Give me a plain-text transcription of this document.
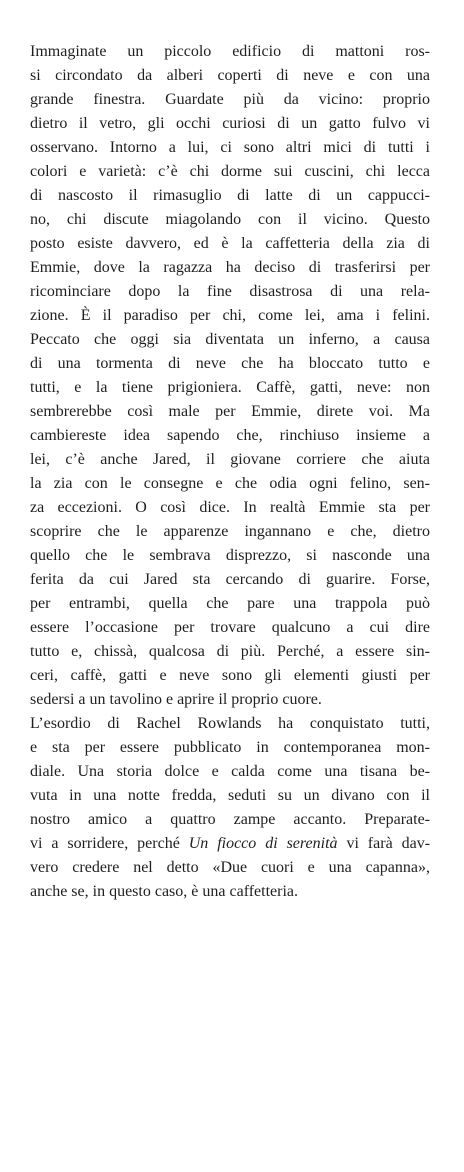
Immaginate un piccolo edificio di mattoni ros-
si circondato da alberi coperti di neve e con una
grande finestra. Guardate più da vicino: proprio
dietro il vetro, gli occhi curiosi di un gatto fulvo vi
osservano. Intorno a lui, ci sono altri mici di tutti i
colori e varietà: c’è chi dorme sui cuscini, chi lecca
di nascosto il rimasuglio di latte di un cappucci-
no, chi discute miagolando con il vicino. Questo
posto esiste davvero, ed è la caffetteria della zia di
Emmie, dove la ragazza ha deciso di trasferirsi per
ricominciare dopo la fine disastrosa di una rela-
zione. È il paradiso per chi, come lei, ama i felini.
Peccato che oggi sia diventata un inferno, a causa
di una tormenta di neve che ha bloccato tutto e
tutti, e la tiene prigioniera. Caffè, gatti, neve: non
sembrerebbe così male per Emmie, direte voi. Ma
cambiereste idea sapendo che, rinchiuso insieme a
lei, c’è anche Jared, il giovane corriere che aiuta
la zia con le consegne e che odia ogni felino, sen-
za eccezioni. O così dice. In realtà Emmie sta per
scoprire che le apparenze ingannano e che, dietro
quello che le sembrava disprezzo, si nasconde una
ferita da cui Jared sta cercando di guarire. Forse,
per entrambi, quella che pare una trappola può
essere l’occasione per trovare qualcuno a cui dire
tutto e, chissà, qualcosa di più. Perché, a essere sin-
ceri, caffè, gatti e neve sono gli elementi giusti per
sedersi a un tavolino e aprire il proprio cuore.
L’esordio di Rachel Rowlands ha conquistato tutti,
e sta per essere pubblicato in contemporanea mon-
diale. Una storia dolce e calda come una tisana be-
vuta in una notte fredda, seduti su un divano con il
nostro amico a quattro zampe accanto. Preparate-
vi a sorridere, perché Un fiocco di serenità vi farà dav-
vero credere nel detto «Due cuori e una capanna»,
anche se, in questo caso, è una caffetteria.
